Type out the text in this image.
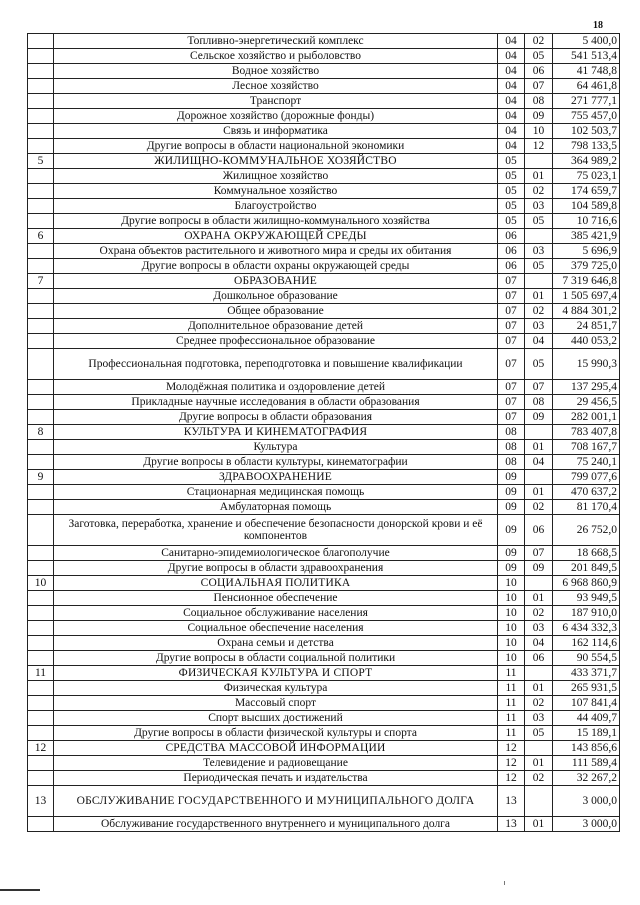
18
	Топливно-энергетический комплекс	04	02	5 400,0
	Сельское хозяйство и рыболовство	04	05	541 513,4
	Водное хозяйство	04	06	41 748,8
	Лесное хозяйство	04	07	64 461,8
	Транспорт	04	08	271 777,1
	Дорожное хозяйство (дорожные фонды)	04	09	755 457,0
	Связь и информатика	04	10	102 503,7
	Другие вопросы в области национальной экономики	04	12	798 133,5
5	ЖИЛИЩНО-КОММУНАЛЬНОЕ ХОЗЯЙСТВО	05		364 989,2
	Жилищное хозяйство	05	01	75 023,1
	Коммунальное хозяйство	05	02	174 659,7
	Благоустройство	05	03	104 589,8
	Другие вопросы в области жилищно-коммунального хозяйства	05	05	10 716,6
6	ОХРАНА ОКРУЖАЮЩЕЙ СРЕДЫ	06		385 421,9
	Охрана объектов растительного и животного мира и среды их обитания	06	03	5 696,9
	Другие вопросы в области охраны окружающей среды	06	05	379 725,0
7	ОБРАЗОВАНИЕ	07		7 319 646,8
	Дошкольное образование	07	01	1 505 697,4
	Общее образование	07	02	4 884 301,2
	Дополнительное образование детей	07	03	24 851,7
	Среднее профессиональное образование	07	04	440 053,2
	Профессиональная подготовка, переподготовка и повышение квалификации	07	05	15 990,3
	Молодёжная политика и оздоровление детей	07	07	137 295,4
	Прикладные научные исследования в области образования	07	08	29 456,5
	Другие вопросы в области образования	07	09	282 001,1
8	КУЛЬТУРА И КИНЕМАТОГРАФИЯ	08		783 407,8
	Культура	08	01	708 167,7
	Другие вопросы в области культуры, кинематографии	08	04	75 240,1
9	ЗДРАВООХРАНЕНИЕ	09		799 077,6
	Стационарная медицинская помощь	09	01	470 637,2
	Амбулаторная помощь	09	02	81 170,4
	Заготовка, переработка, хранение и обеспечение безопасности донорской крови и её компонентов	09	06	26 752,0
	Санитарно-эпидемиологическое благополучие	09	07	18 668,5
	Другие вопросы в области здравоохранения	09	09	201 849,5
10	СОЦИАЛЬНАЯ ПОЛИТИКА	10		6 968 860,9
	Пенсионное обеспечение	10	01	93 949,5
	Социальное обслуживание населения	10	02	187 910,0
	Социальное обеспечение населения	10	03	6 434 332,3
	Охрана семьи и детства	10	04	162 114,6
	Другие вопросы в области социальной политики	10	06	90 554,5
11	ФИЗИЧЕСКАЯ КУЛЬТУРА И СПОРТ	11		433 371,7
	Физическая культура	11	01	265 931,5
	Массовый спорт	11	02	107 841,4
	Спорт высших достижений	11	03	44 409,7
	Другие вопросы в области физической культуры и спорта	11	05	15 189,1
12	СРЕДСТВА МАССОВОЙ ИНФОРМАЦИИ	12		143 856,6
	Телевидение и радиовещание	12	01	111 589,4
	Периодическая печать и издательства	12	02	32 267,2
13	ОБСЛУЖИВАНИЕ ГОСУДАРСТВЕННОГО И МУНИЦИПАЛЬНОГО ДОЛГА	13		3 000,0
	Обслуживание государственного внутреннего и муниципального долга	13	01	3 000,0
